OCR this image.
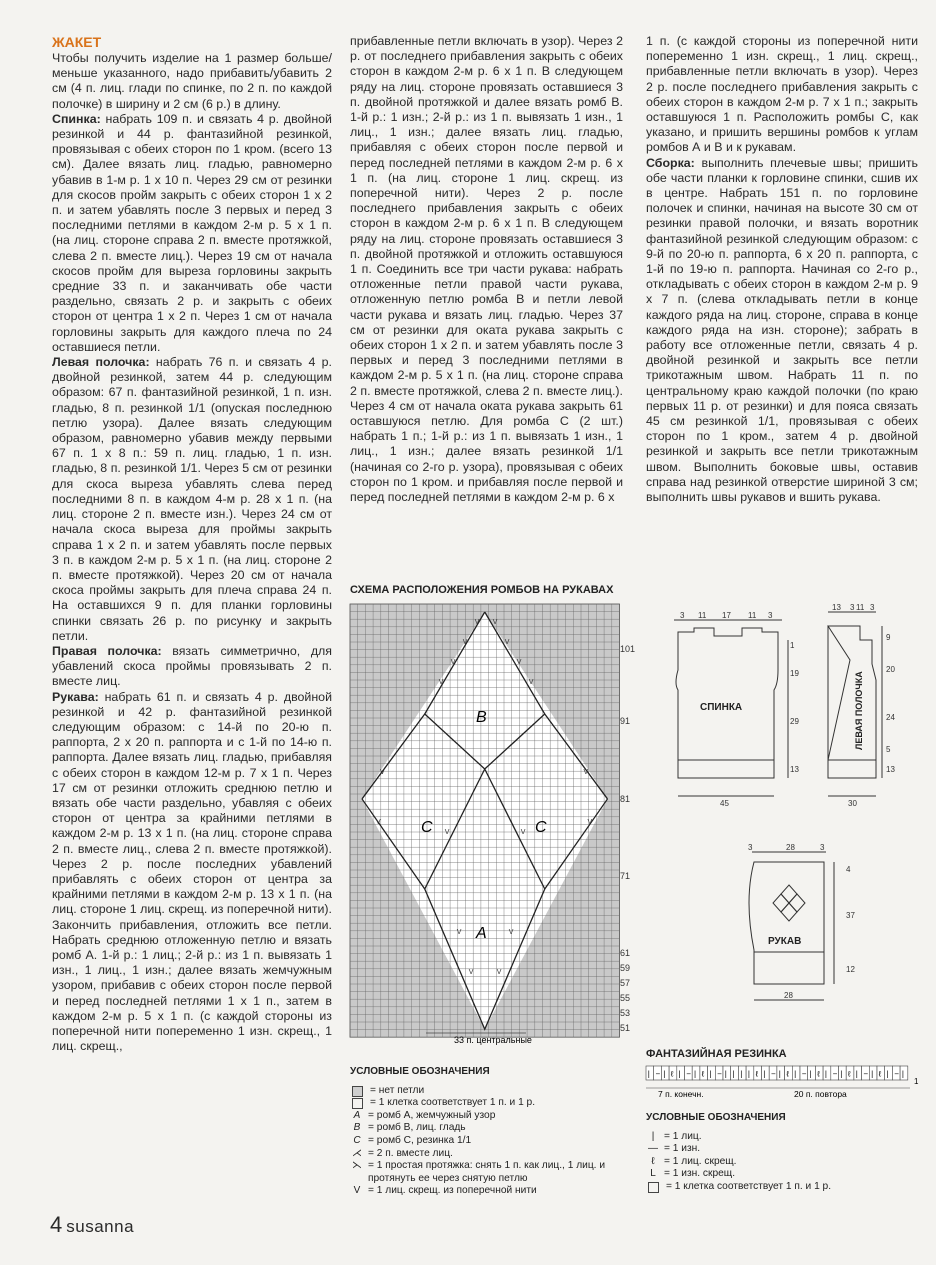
ЖАКЕТ

Чтобы получить изделие на 1 размер больше/меньше указанного, надо прибавить/убавить 2 см (4 п. лиц. глади по спинке, по 2 п. по каждой полочке) в ширину и 2 см (6 р.) в длину.

Спинка: набрать 109 п. и связать 4 р. двойной резинкой и 44 р. фантазийной резинкой, провязывая с обеих сторон по 1 кром. (всего 13 см). Далее вязать лиц. гладью, равномерно убавив в 1-м р. 1 х 10 п. Через 29 см от резинки для скосов пройм закрыть с обеих сторон 1 х 2 п. и затем убавлять после 3 первых и перед 3 последними петлями в каждом 2-м р. 5 х 1 п. (на лиц. стороне справа 2 п. вместе протяжкой, слева 2 п. вместе лиц.). Через 19 см от начала скосов пройм для выреза горловины закрыть средние 33 п. и заканчивать обе части раздельно, связать 2 р. и закрыть с обеих сторон от центра 1 х 2 п. Через 1 см от начала горловины закрыть для каждого плеча по 24 оставшиеся петли.

Левая полочка: набрать 76 п. и связать 4 р. двойной резинкой, затем 44 р. следующим образом: 67 п. фантазийной резинкой, 1 п. изн. гладью, 8 п. резинкой 1/1 (опуская последнюю петлю узора). Далее вязать следующим образом, равномерно убавив между первыми 67 п. 1 х 8 п.: 59 п. лиц. гладью, 1 п. изн. гладью, 8 п. резинкой 1/1. Через 5 см от резинки для скоса выреза убавлять слева перед последними 8 п. в каждом 4-м р. 28 х 1 п. (на лиц. стороне 2 п. вместе изн.). Через 24 см от начала скоса выреза для проймы закрыть справа 1 х 2 п. и затем убавлять после первых 3 п. в каждом 2-м р. 5 х 1 п. (на лиц. стороне 2 п. вместе протяжкой). Через 20 см от начала скоса проймы закрыть для плеча справа 24 п. На оставшихся 9 п. для планки горловины спинки связать 26 р. по рисунку и закрыть петли.

Правая полочка: вязать симметрично, для убавлений скоса проймы провязывать 2 п. вместе лиц.

Рукава: набрать 61 п. и связать 4 р. двойной резинкой и 42 р. фантазийной резинкой следующим образом: с 14-й по 20-ю п. раппорта, 2 х 20 п. раппорта и с 1-й по 14-ю п. раппорта. Далее вязать лиц. гладью, прибавляя с обеих сторон в каждом 12-м р. 7 х 1 п. Через 17 см от резинки отложить среднюю петлю и вязать обе части раздельно, убавляя с обеих сторон от центра за крайними петлями в каждом 2-м р. 13 х 1 п. (на лиц. стороне справа 2 п. вместе лиц., слева 2 п. вместе протяжкой). Через 2 р. после последних убавлений прибавлять с обеих сторон от центра за крайними петлями в каждом 2-м р. 13 х 1 п. (на лиц. стороне 1 лиц. скрещ. из поперечной нити). Закончить прибавления, отложить все петли. Набрать среднюю отложенную петлю и вязать ромб А. 1-й р.: 1 лиц.; 2-й р.: из 1 п. вывязать 1 изн., 1 лиц., 1 изн.; далее вязать жемчужным узором, прибавив с обеих сторон после первой и перед последней петлями 1 х 1 п., затем в каждом 2-м р. 5 х 1 п. (с каждой стороны из поперечной нити попеременно 1 изн. скрещ., 1 лиц. скрещ.,

прибавленные петли включать в узор). Через 2 р. от последнего прибавления закрыть с обеих сторон в каждом 2-м р. 6 х 1 п. В следующем ряду на лиц. стороне провязать оставшиеся 3 п. двойной протяжкой и далее вязать ромб В. 1-й р.: 1 изн.; 2-й р.: из 1 п. вывязать 1 изн., 1 лиц., 1 изн.; далее вязать лиц. гладью, прибавляя с обеих сторон после первой и перед последней петлями в каждом 2-м р. 6 х 1 п. (на лиц. стороне 1 лиц. скрещ. из поперечной нити). Через 2 р. после последнего прибавления закрыть с обеих сторон в каждом 2-м р. 6 х 1 п. В следующем ряду на лиц. стороне провязать оставшиеся 3 п. двойной протяжкой и отложить оставшуюся 1 п. Соединить все три части рукава: набрать отложенные петли правой части рукава, отложенную петлю ромба В и петли левой части рукава и вязать лиц. гладью. Через 37 см от резинки для оката рукава закрыть с обеих сторон 1 х 2 п. и затем убавлять после 3 первых и перед 3 последними петлями в каждом 2-м р. 5 х 1 п. (на лиц. стороне справа 2 п. вместе протяжкой, слева 2 п. вместе лиц.). Через 4 см от начала оката рукава закрыть 61 оставшуюся петлю. Для ромба С (2 шт.) набрать 1 п.; 1-й р.: из 1 п. вывязать 1 изн., 1 лиц., 1 изн.; далее вязать резинкой 1/1 (начиная со 2-го р. узора), провязывая с обеих сторон по 1 кром. и прибавляя после первой и перед последней петлями в каждом 2-м р. 6 х

1 п. (с каждой стороны из поперечной нити попеременно 1 изн. скрещ., 1 лиц. скрещ., прибавленные петли включать в узор). Через 2 р. после последнего прибавления закрыть с обеих сторон в каждом 2-м р. 7 х 1 п.; закрыть оставшуюся 1 п. Расположить ромбы С, как указано, и пришить вершины ромбов к углам ромбов А и В и к рукавам.

Сборка: выполнить плечевые швы; пришить обе части планки к горловине спинки, сшив их в центре. Набрать 151 п. по горловине полочек и спинки, начиная на высоте 30 см от резинки правой полочки, и вязать воротник фантазийной резинкой следующим образом: с 9-й по 20-ю п. раппорта, 6 х 20 п. раппорта, с 1-й по 19-ю п. раппорта. Начиная со 2-го р., откладывать с обеих сторон в каждом 2-м р. 9 х 7 п. (слева откладывать петли в конце каждого ряда на лиц. стороне, справа в конце каждого ряда на изн. стороне); забрать в работу все отложенные петли, связать 4 р. двойной резинкой и закрыть все петли трикотажным швом. Набрать 11 п. по центральному краю каждой полочки (по краю первых 11 р. от резинки) и для пояса связать 45 см резинкой 1/1, провязывая с обеих сторон по 1 кром., затем 4 р. двойной резинкой и закрыть все петли трикотажным швом. Выполнить боковые швы, оставив справа над резинкой отверстие шириной 3 см; выполнить швы рукавов и вшить рукава.

СХЕМА РАСПОЛОЖЕНИЯ РОМБОВ НА РУКАВАХ
V V
V	V
V	V
V	V
V	V
V	V
V	V
V	V
V	V
B
C	C
A
101
91
81
71
61
59
57
55
53
51
33 п. центральные
УСЛОВНЫЕ ОБОЗНАЧЕНИЯ
= нет петли
= 1 клетка соответствует 1 п. и 1 р.
A = ромб А, жемчужный узор
B = ромб В, лиц. гладь
C = ромб С, резинка 1/1
⋌ = 2 п. вместе лиц.
⋋ = 1 простая протяжка: снять 1 п. как лиц., 1 лиц. и протянуть ее через снятую петлю
V = 1 лиц. скрещ. из поперечной нити
3 11 17 11 3
1
19
29
13
45
13 3 11 3
9
20
24
5
13
30
3	28	3
4
37
12
28
СПИНКА	ЛЕВАЯ ПОЛОЧКА
РУКАВ
ФАНТАЗИЙНАЯ РЕЗИНКА
| − | ℓ | − | ℓ | − | | | | ℓ | − | ℓ | − | ℓ | − | ℓ | − | ℓ | − |
1
7 п. конечн.	20 п. повтора
УСЛОВНЫЕ ОБОЗНАЧЕНИЯ
| = 1 лиц.
— = 1 изн.
ℓ = 1 лиц. скрещ.
L = 1 изн. скрещ.
= 1 клетка соответствует 1 п. и 1 р.
4 susanna
